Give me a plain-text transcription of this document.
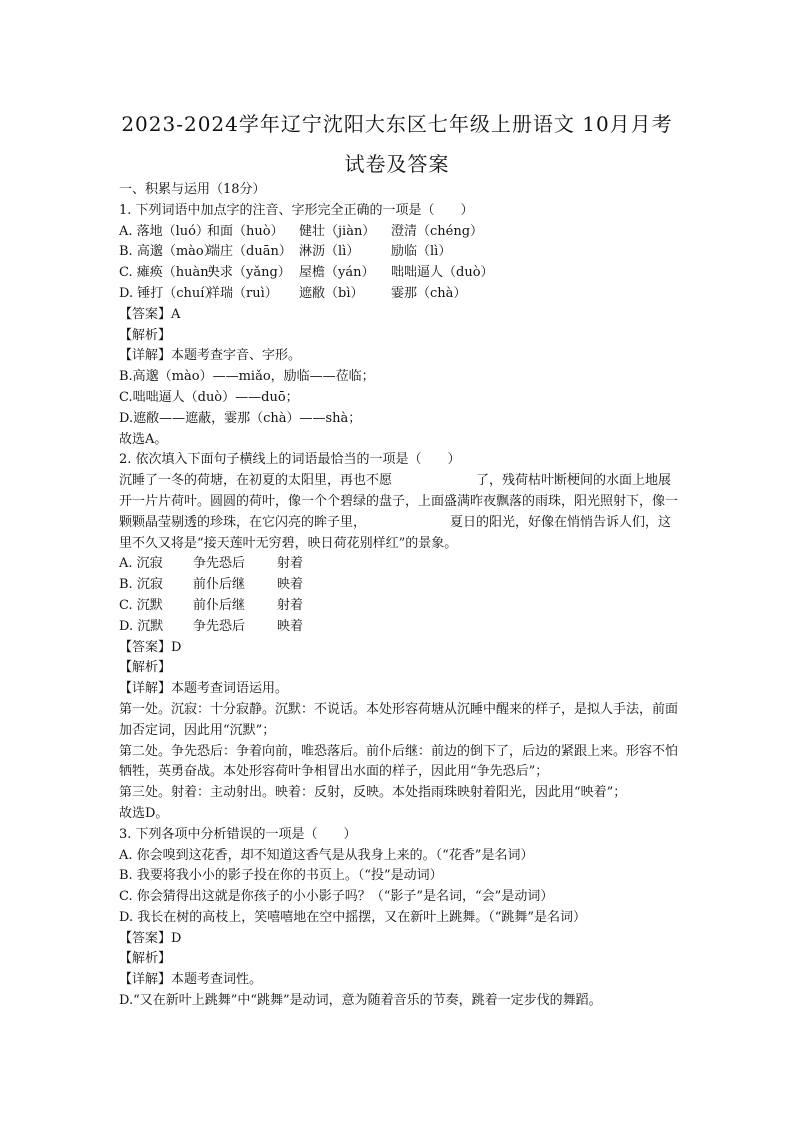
2023-2024学年辽宁沈阳大东区七年级上册语文 10月月考
试卷及答案
一、积累与运用（18分）
1. 下列词语中加点字的注音、字形完全正确的一项是（　　）
A. 落地（luó）和面（huò） 健壮（jiàn） 澄清（chéng）
B. 高邈（mào）端庄（duān） 淋沥（lì） 励临（lì）
C. 瘫痪（huàn）央求（yǎng） 屋檐（yán） 咄咄逼人（duò）
D. 锤打（chuí）祥瑞（ruì） 遮敝（bì） 霎那（chà）
【答案】A
【解析】
【详解】本题考查字音、字形。
B.高邈（mào）——miǎo，励临——莅临；
C.咄咄逼人（duò）——duō；
D.遮敝——遮蔽，霎那（chà）——shà；
故选A。
2. 依次填入下面句子横线上的词语最恰当的一项是（　　）
沉睡了一冬的荷塘，在初夏的太阳里，再也不愿	了，残荷枯叶断梗间的水面上地展开一片片荷叶。圆圆的荷叶，像一个个碧绿的盘子，上面盛满昨夜飘落的雨珠，阳光照射下，像一颗颗晶莹剔透的珍珠，在它闪亮的眸子里，	夏日的阳光，好像在悄悄告诉人们，这里不久又将是“接天莲叶无穷碧，映日荷花别样红”的景象。
A. 沉寂 争先恐后 射着
B. 沉寂 前仆后继 映着
C. 沉默 前仆后继 射着
D. 沉默 争先恐后 映着
【答案】D
【解析】
【详解】本题考查词语运用。
第一处。沉寂：十分寂静。沉默：不说话。本处形容荷塘从沉睡中醒来的样子，是拟人手法，前面加否定词，因此用“沉默”；
第二处。争先恐后：争着向前，唯恐落后。前仆后继：前边的倒下了，后边的紧跟上来。形容不怕牺牲，英勇奋战。本处形容荷叶争相冒出水面的样子，因此用“争先恐后”；
第三处。射着：主动射出。映着：反射，反映。本处指雨珠映射着阳光，因此用“映着”；
故选D。
3. 下列各项中分析错误的一项是（　　）
A. 你会嗅到这花香，却不知道这香气是从我身上来的。（“花香”是名词）
B. 我要将我小小的影子投在你的书页上。（“投”是动词）
C. 你会猜得出这就是你孩子的小小影子吗？（“影子”是名词，“会”是动词）
D. 我长在树的高枝上，笑嘻嘻地在空中摇摆，又在新叶上跳舞。（“跳舞”是名词）
【答案】D
【解析】
【详解】本题考查词性。
D.“又在新叶上跳舞”中“跳舞”是动词，意为随着音乐的节奏，跳着一定步伐的舞蹈。
